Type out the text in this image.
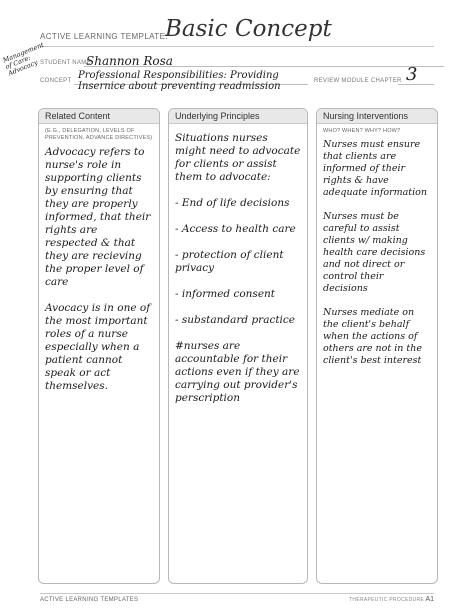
ACTIVE LEARNING TEMPLATE:
Basic Concept
Management of Care: Advocacy STUDENT NAME
Shannon Rosa
CONCEPT Professional Responsibilities: Providing Insernice about preventing readmission	REVIEW MODULE CHAPTER 3
Related Content
(E.G., DELEGATION, LEVELS OF PREVENTION, ADVANCE DIRECTIVES)
Advocacy refers to nurse's role in supporting clients by ensuring that they are properly informed, that their rights are respected & that they are recieving the proper level of care

Avocacy is in one of the most important roles of a nurse especially when a patient cannot speak or act themselves.
Underlying Principles
Situations nurses might need to advocate for clients or assist them to advocate:

- End of life decisions

- Access to health care

- protection of client privacy

- informed consent

- substandard practice

#nurses are accountable for their actions even if they are carrying out provider's perscription
Nursing Interventions
WHO? WHEN? WHY? HOW?
Nurses must ensure that clients are informed of their rights & have adequate information

Nurses must be careful to assist clients w/ making health care decisions and not direct or control their decisions

Nurses mediate on the client's behalf when the actions of others are not in the client's best interest
ACTIVE LEARNING TEMPLATES	THERAPEUTIC PROCEDURE A1
